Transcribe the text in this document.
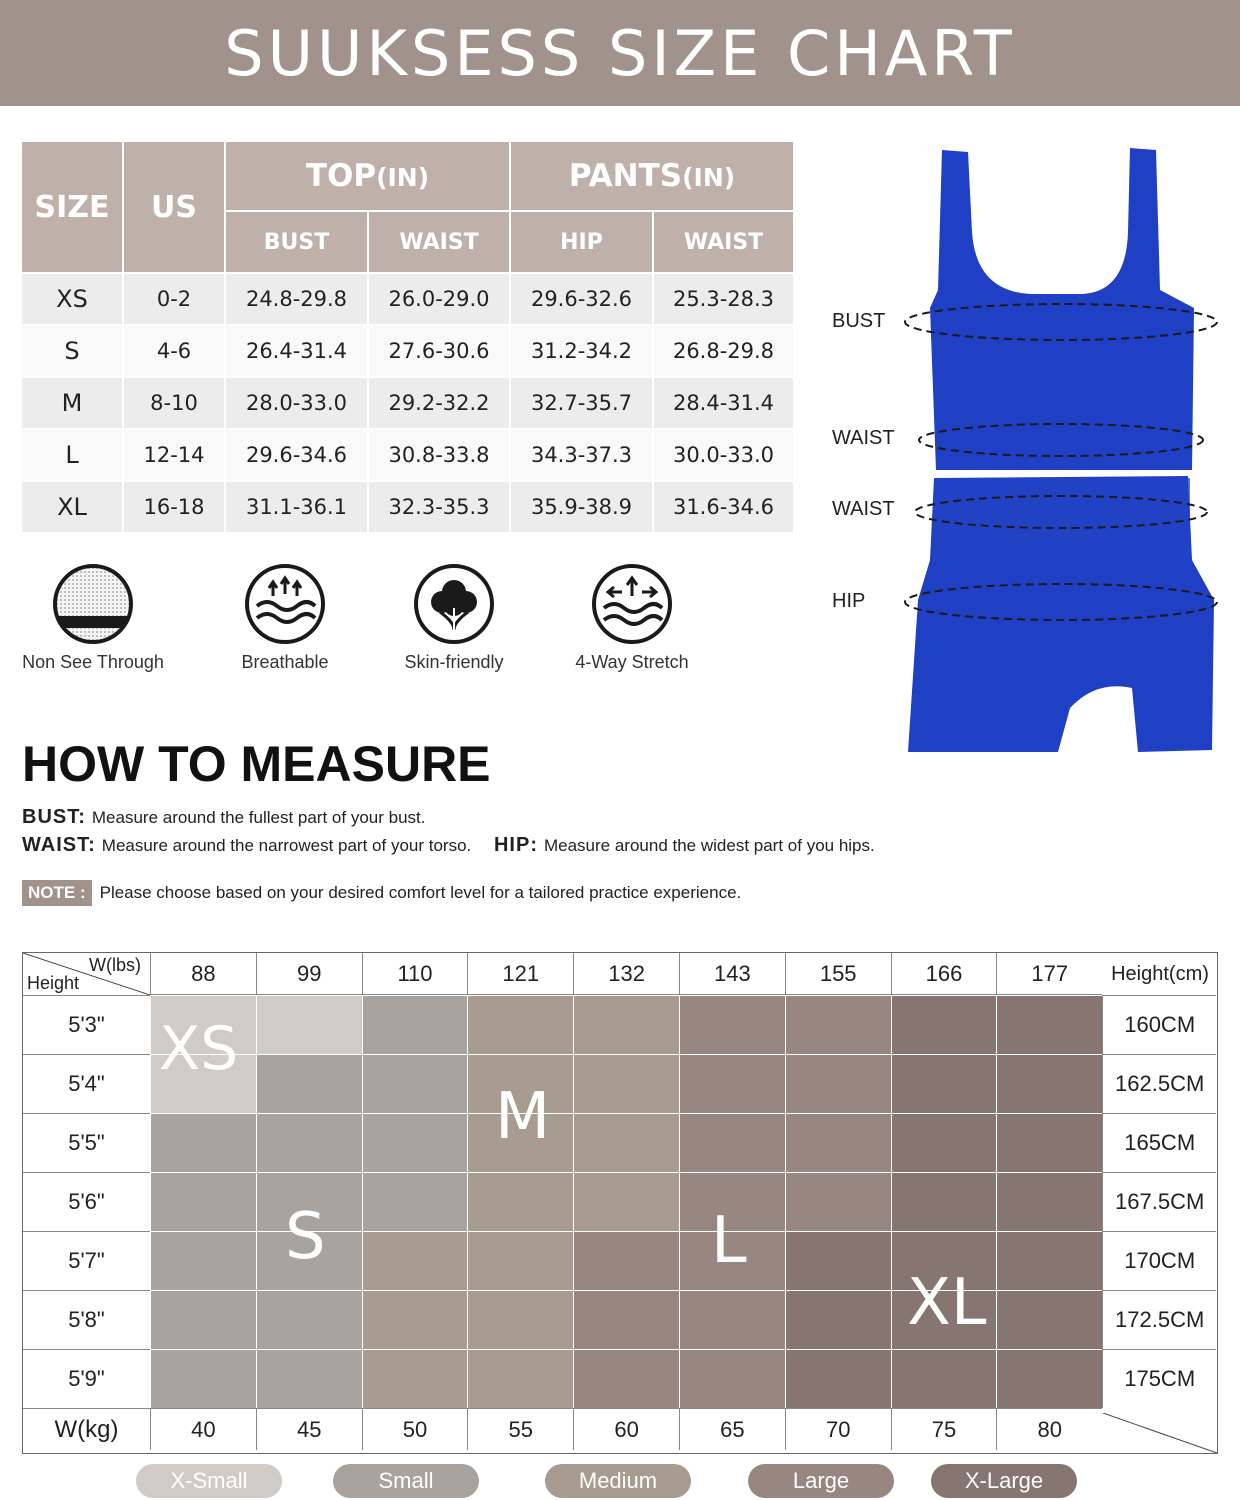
SUUKSESS SIZE CHART
SIZE	US	TOP(IN)		PANTS(IN)	
		BUST	WAIST	HIP	WAIST
XS	0-2	24.8-29.8	26.0-29.0	29.6-32.6	25.3-28.3
S	4-6	26.4-31.4	27.6-30.6	31.2-34.2	26.8-29.8
M	8-10	28.0-33.0	29.2-32.2	32.7-35.7	28.4-31.4
L	12-14	29.6-34.6	30.8-33.8	34.3-37.3	30.0-33.0
XL	16-18	31.1-36.1	32.3-35.3	35.9-38.9	31.6-34.6
Non See Through	Breathable	Skin-friendly	4-Way Stretch
BUST
WAIST
WAIST
HIP
HOW TO MEASURE
BUST: Measure around the fullest part of your bust.
WAIST: Measure around the narrowest part of your torso. HIP: Measure around the widest part of you hips.
NOTE : Please choose based on your desired comfort level for a tailored practice experience.
88	99	110	121	132	143	155	166	177
5'3"	160CM
5'4"	162.5CM
5'5"	165CM
5'6"	167.5CM
5'7"	170CM
5'8"	172.5CM
5'9"	175CM
W(kg)	40	45	50	55	60	65	70	75	80
XS
S
M
L
XL
W(lbs)
Height	Height(cm)
X-Small	Small	Medium	Large	X-Large
